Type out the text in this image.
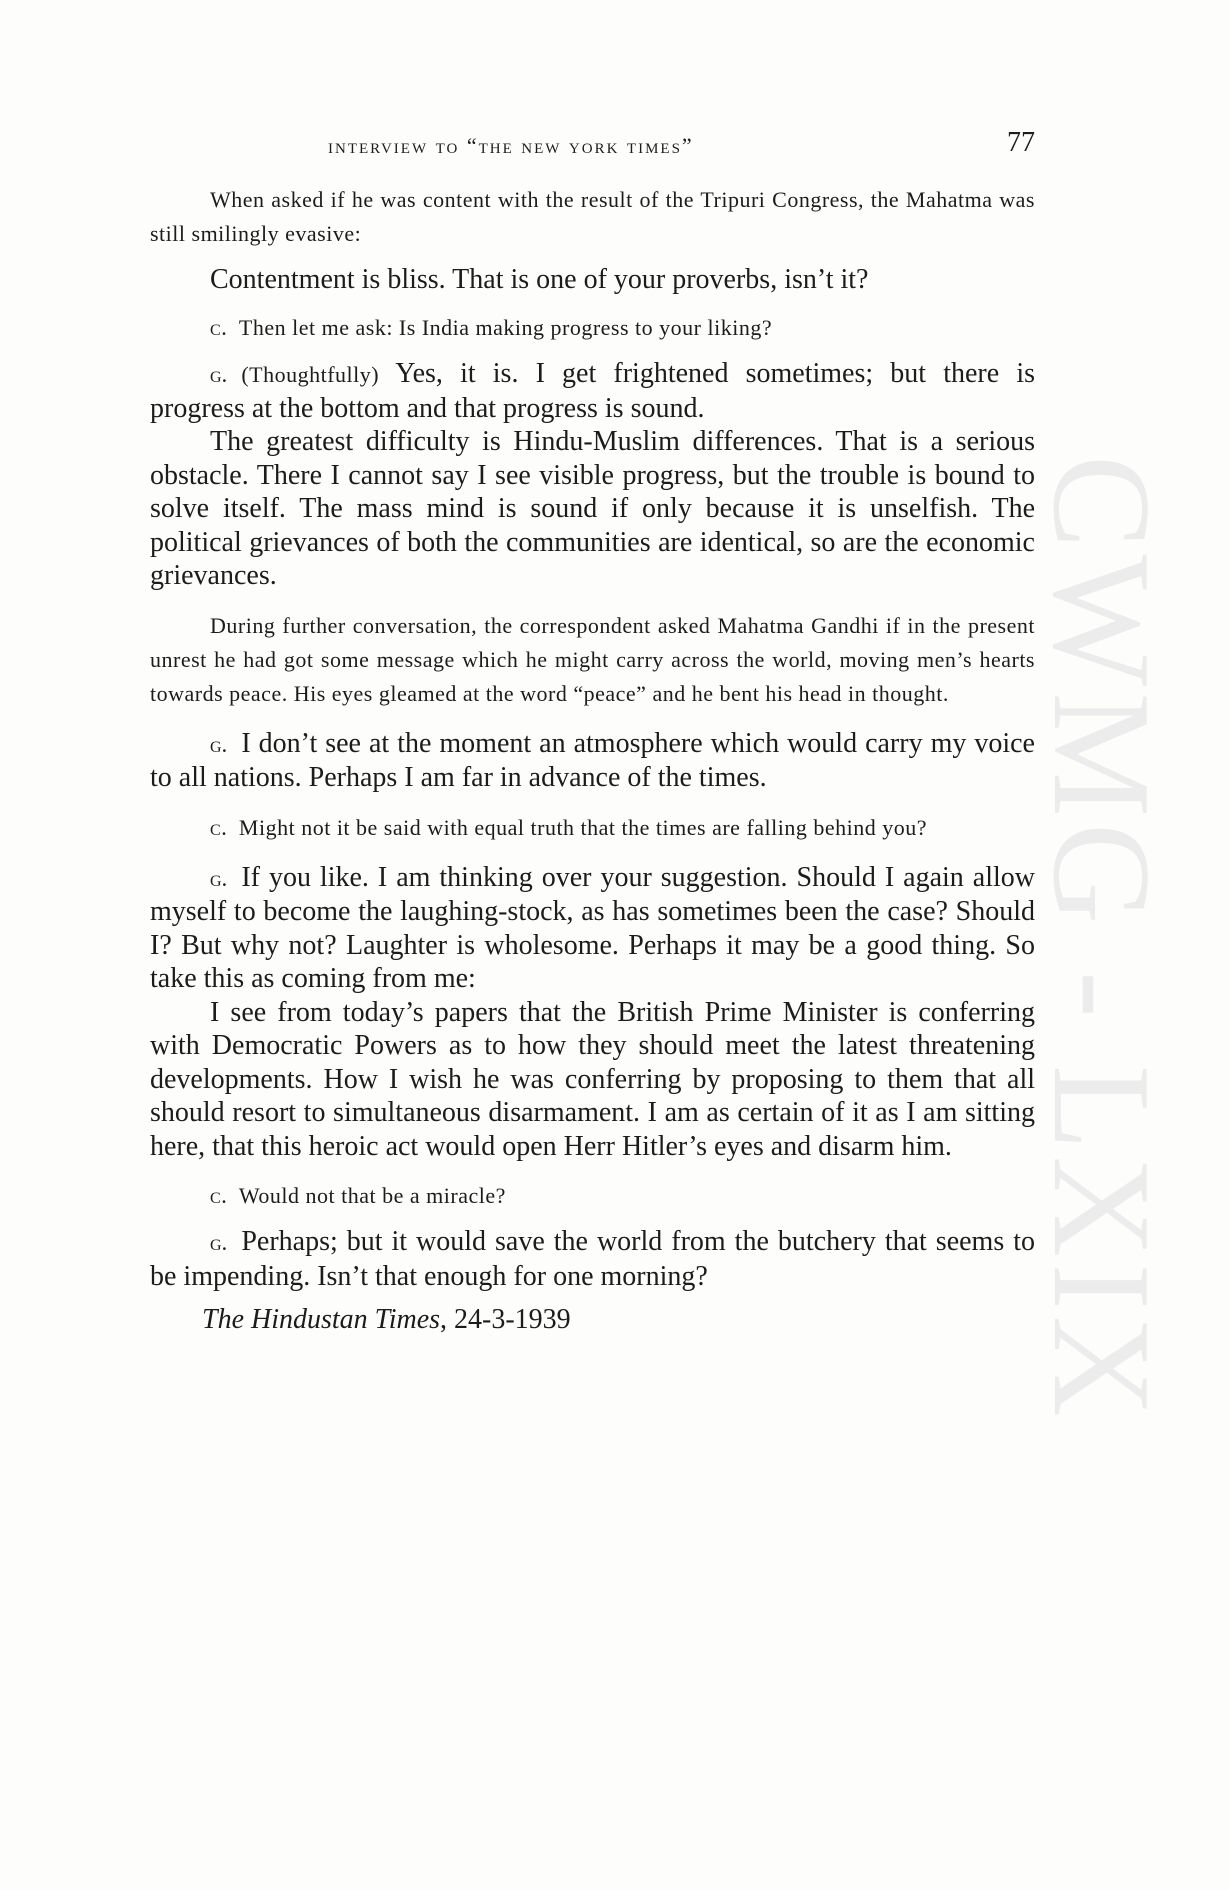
CWMG - LXIX
interview to “the new york times”	77

When asked if he was content with the result of the Tripuri Congress, the Mahatma was still smilingly evasive:

Contentment is bliss. That is one of your proverbs, isn’t it?

c.  Then let me ask: Is India making progress to your liking?

g.  (Thoughtfully) Yes, it is. I get frightened sometimes; but there is progress at the bottom and that progress is sound.

The greatest difficulty is Hindu-Muslim differences. That is a serious obstacle. There I cannot say I see visible progress, but the trouble is bound to solve itself. The mass mind is sound if only because it is unselfish. The political grievances of both the communities are identical, so are the economic grievances.

During further conversation, the correspondent asked Mahatma Gandhi if in the present unrest he had got some message which he might carry across the world, moving men’s hearts towards peace. His eyes gleamed at the word “peace” and he bent his head in thought.

g.  I don’t see at the moment an atmosphere which would carry my voice to all nations. Perhaps I am far in advance of the times.

c.  Might not it be said with equal truth that the times are falling behind you?

g.  If you like. I am thinking over your suggestion. Should I again allow myself to become the laughing-stock, as has sometimes been the case? Should I? But why not? Laughter is wholesome. Perhaps it may be a good thing. So take this as coming from me:

I see from today’s papers that the British Prime Minister is conferring with Democratic Powers as to how they should meet the latest threatening developments. How I wish he was conferring by proposing to them that all should resort to simultaneous disarmament. I am as certain of it as I am sitting here, that this heroic act would open Herr Hitler’s eyes and disarm him.

c.  Would not that be a miracle?

g.  Perhaps; but it would save the world from the butchery that seems to be impending. Isn’t that enough for one morning?

The Hindustan Times, 24-3-1939
